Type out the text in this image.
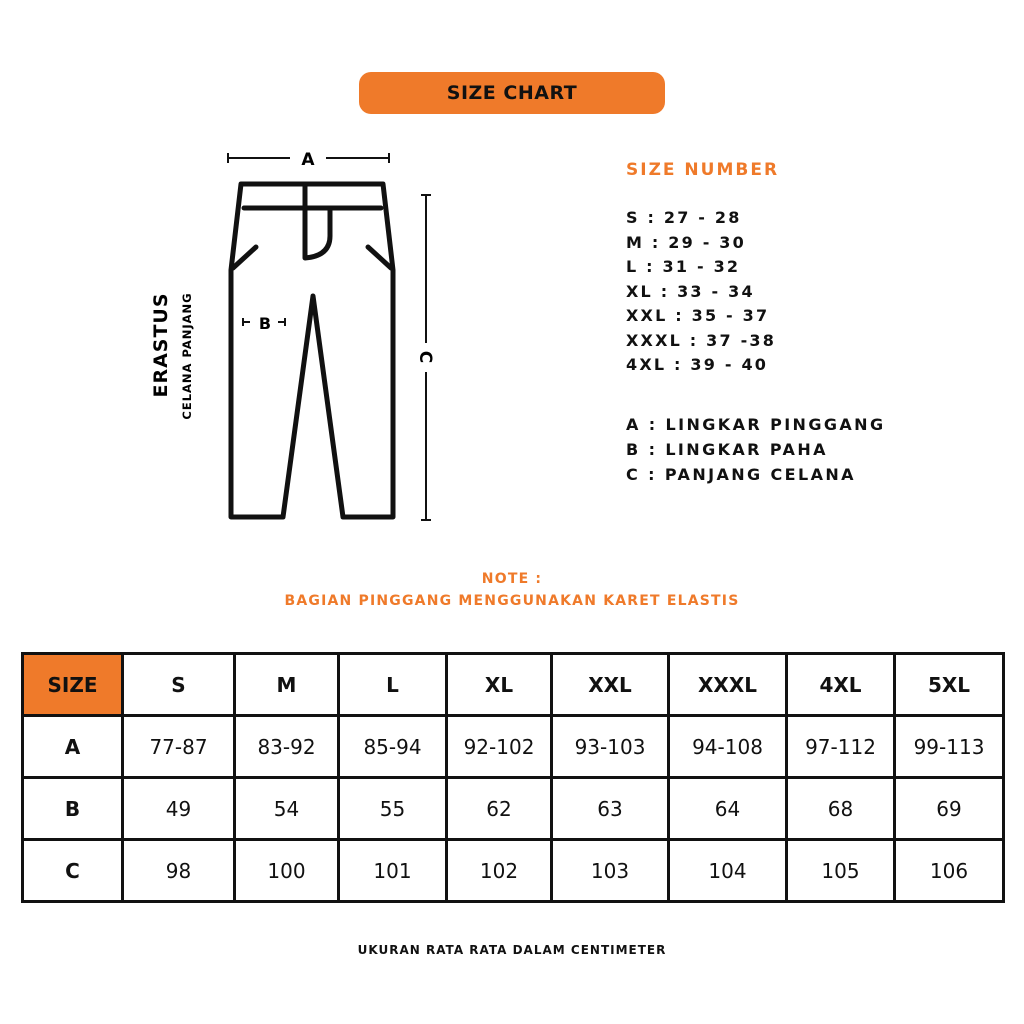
SIZE CHART
A
B
C
ERASTUS CELANA PANJANG
SIZE NUMBER
S : 27 - 28
M : 29 - 30
L : 31 - 32
XL : 33 - 34
XXL : 35 - 37
XXXL : 37 -38
4XL : 39 - 40
A : LINGKAR PINGGANG
B : LINGKAR PAHA
C : PANJANG CELANA
NOTE :
BAGIAN PINGGANG MENGGUNAKAN KARET ELASTIS
SIZE	S	M	L	XL	XXL	XXXL	4XL	5XL
A	77-87	83-92	85-94	92-102	93-103	94-108	97-112	99-113
B	49	54	55	62	63	64	68	69
C	98	100	101	102	103	104	105	106
UKURAN RATA RATA DALAM CENTIMETER
